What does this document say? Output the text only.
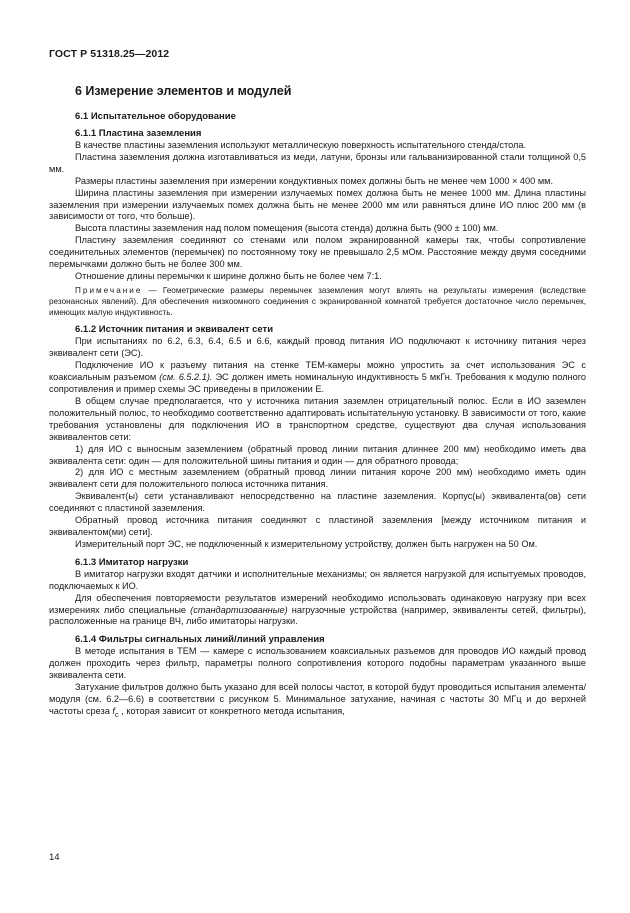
ГОСТ Р 51318.25—2012
6 Измерение элементов и модулей
6.1 Испытательное оборудование
6.1.1 Пластина заземления

В качестве пластины заземления используют металлическую поверхность испытательного стенда/стола.

Пластина заземления должна изготавливаться из меди, латуни, бронзы или гальванизированной стали толщиной 0,5 мм.

Размеры пластины заземления при измерении кондуктивных помех должны быть не менее чем 1000 × 400 мм.

Ширина пластины заземления при измерении излучаемых помех должна быть не менее 1000 мм. Длина пластины заземления при измерении излучаемых помех должна быть не менее 2000 мм или равняться длине ИО плюс 200 мм (в зависимости от того, что больше).

Высота пластины заземления над полом помещения (высота стенда) должна быть (900 ± 100) мм.

Пластину заземления соединяют со стенами или полом экранированной камеры так, чтобы сопротивление соединительных элементов (перемычек) по постоянному току не превышало 2,5 мОм. Расстояние между двумя соседними перемычками должно быть не более 300 мм.

Отношение длины перемычки к ширине должно быть не более чем 7:1.

Примечание — Геометрические размеры перемычек заземления могут влиять на результаты измерения (вследствие резонансных явлений). Для обеспечения низкоомного соединения с экранированной комнатой требуется достаточное число перемычек, имеющих малую индуктивность.

6.1.2 Источник питания и эквивалент сети

При испытаниях по 6.2, 6.3, 6.4, 6.5 и 6.6, каждый провод питания ИО подключают к источнику питания через эквивалент сети (ЭС).

Подключение ИО к разъему питания на стенке ТЕМ-камеры можно упростить за счет использования ЭС с коаксиальным разъемом (см. 6.5.2.1). ЭС должен иметь номинальную индуктивность 5 мкГн. Требования к модулю полного сопротивления и пример схемы ЭС приведены в приложении Е.

В общем случае предполагается, что у источника питания заземлен отрицательный полюс. Если в ИО заземлен положительный полюс, то необходимо соответственно адаптировать испытательную установку. В зависимости от того, какие требования установлены для подключения ИО в транспортном средстве, существуют два случая использования эквивалентов сети:

1) для ИО с выносным заземлением (обратный провод линии питания длиннее 200 мм) необходимо иметь два эквивалента сети: один — для положительной шины питания и один — для обратного провода;

2) для ИО с местным заземлением (обратный провод линии питания короче 200 мм) необходимо иметь один эквивалент сети для положительного полюса источника питания.

Эквивалент(ы) сети устанавливают непосредственно на пластине заземления. Корпус(ы) эквивалента(ов) сети соединяют с пластиной заземления.

Обратный провод источника питания соединяют с пластиной заземления [между источником питания и эквивалентом(ми) сети].

Измерительный порт ЭС, не подключенный к измерительному устройству, должен быть нагружен на 50 Ом.

6.1.3 Имитатор нагрузки

В имитатор нагрузки входят датчики и исполнительные механизмы; он является нагрузкой для испытуемых проводов, подключаемых к ИО.

Для обеспечения повторяемости результатов измерений необходимо использовать одинаковую нагрузку при всех измерениях либо специальные (стандартизованные) нагрузочные устройства (например, эквиваленты сетей, фильтры), расположенные на границе ВЧ, либо имитаторы нагрузки.

6.1.4 Фильтры сигнальных линий/линий управления

В методе испытания в ТЕМ — камере с использованием коаксиальных разъемов для проводов ИО каждый провод должен проходить через фильтр, параметры полного сопротивления которого подобны параметрам указанного выше эквивалента сети.

Затухание фильтров должно быть указано для всей полосы частот, в которой будут проводиться испытания элемента/модуля (см. 6.2—6.6) в соответствии с рисунком 5. Минимальное затухание, начиная с частоты 30 МГц и до верхней частоты среза $f_c$ , которая зависит от конкретного метода испытания,

14
